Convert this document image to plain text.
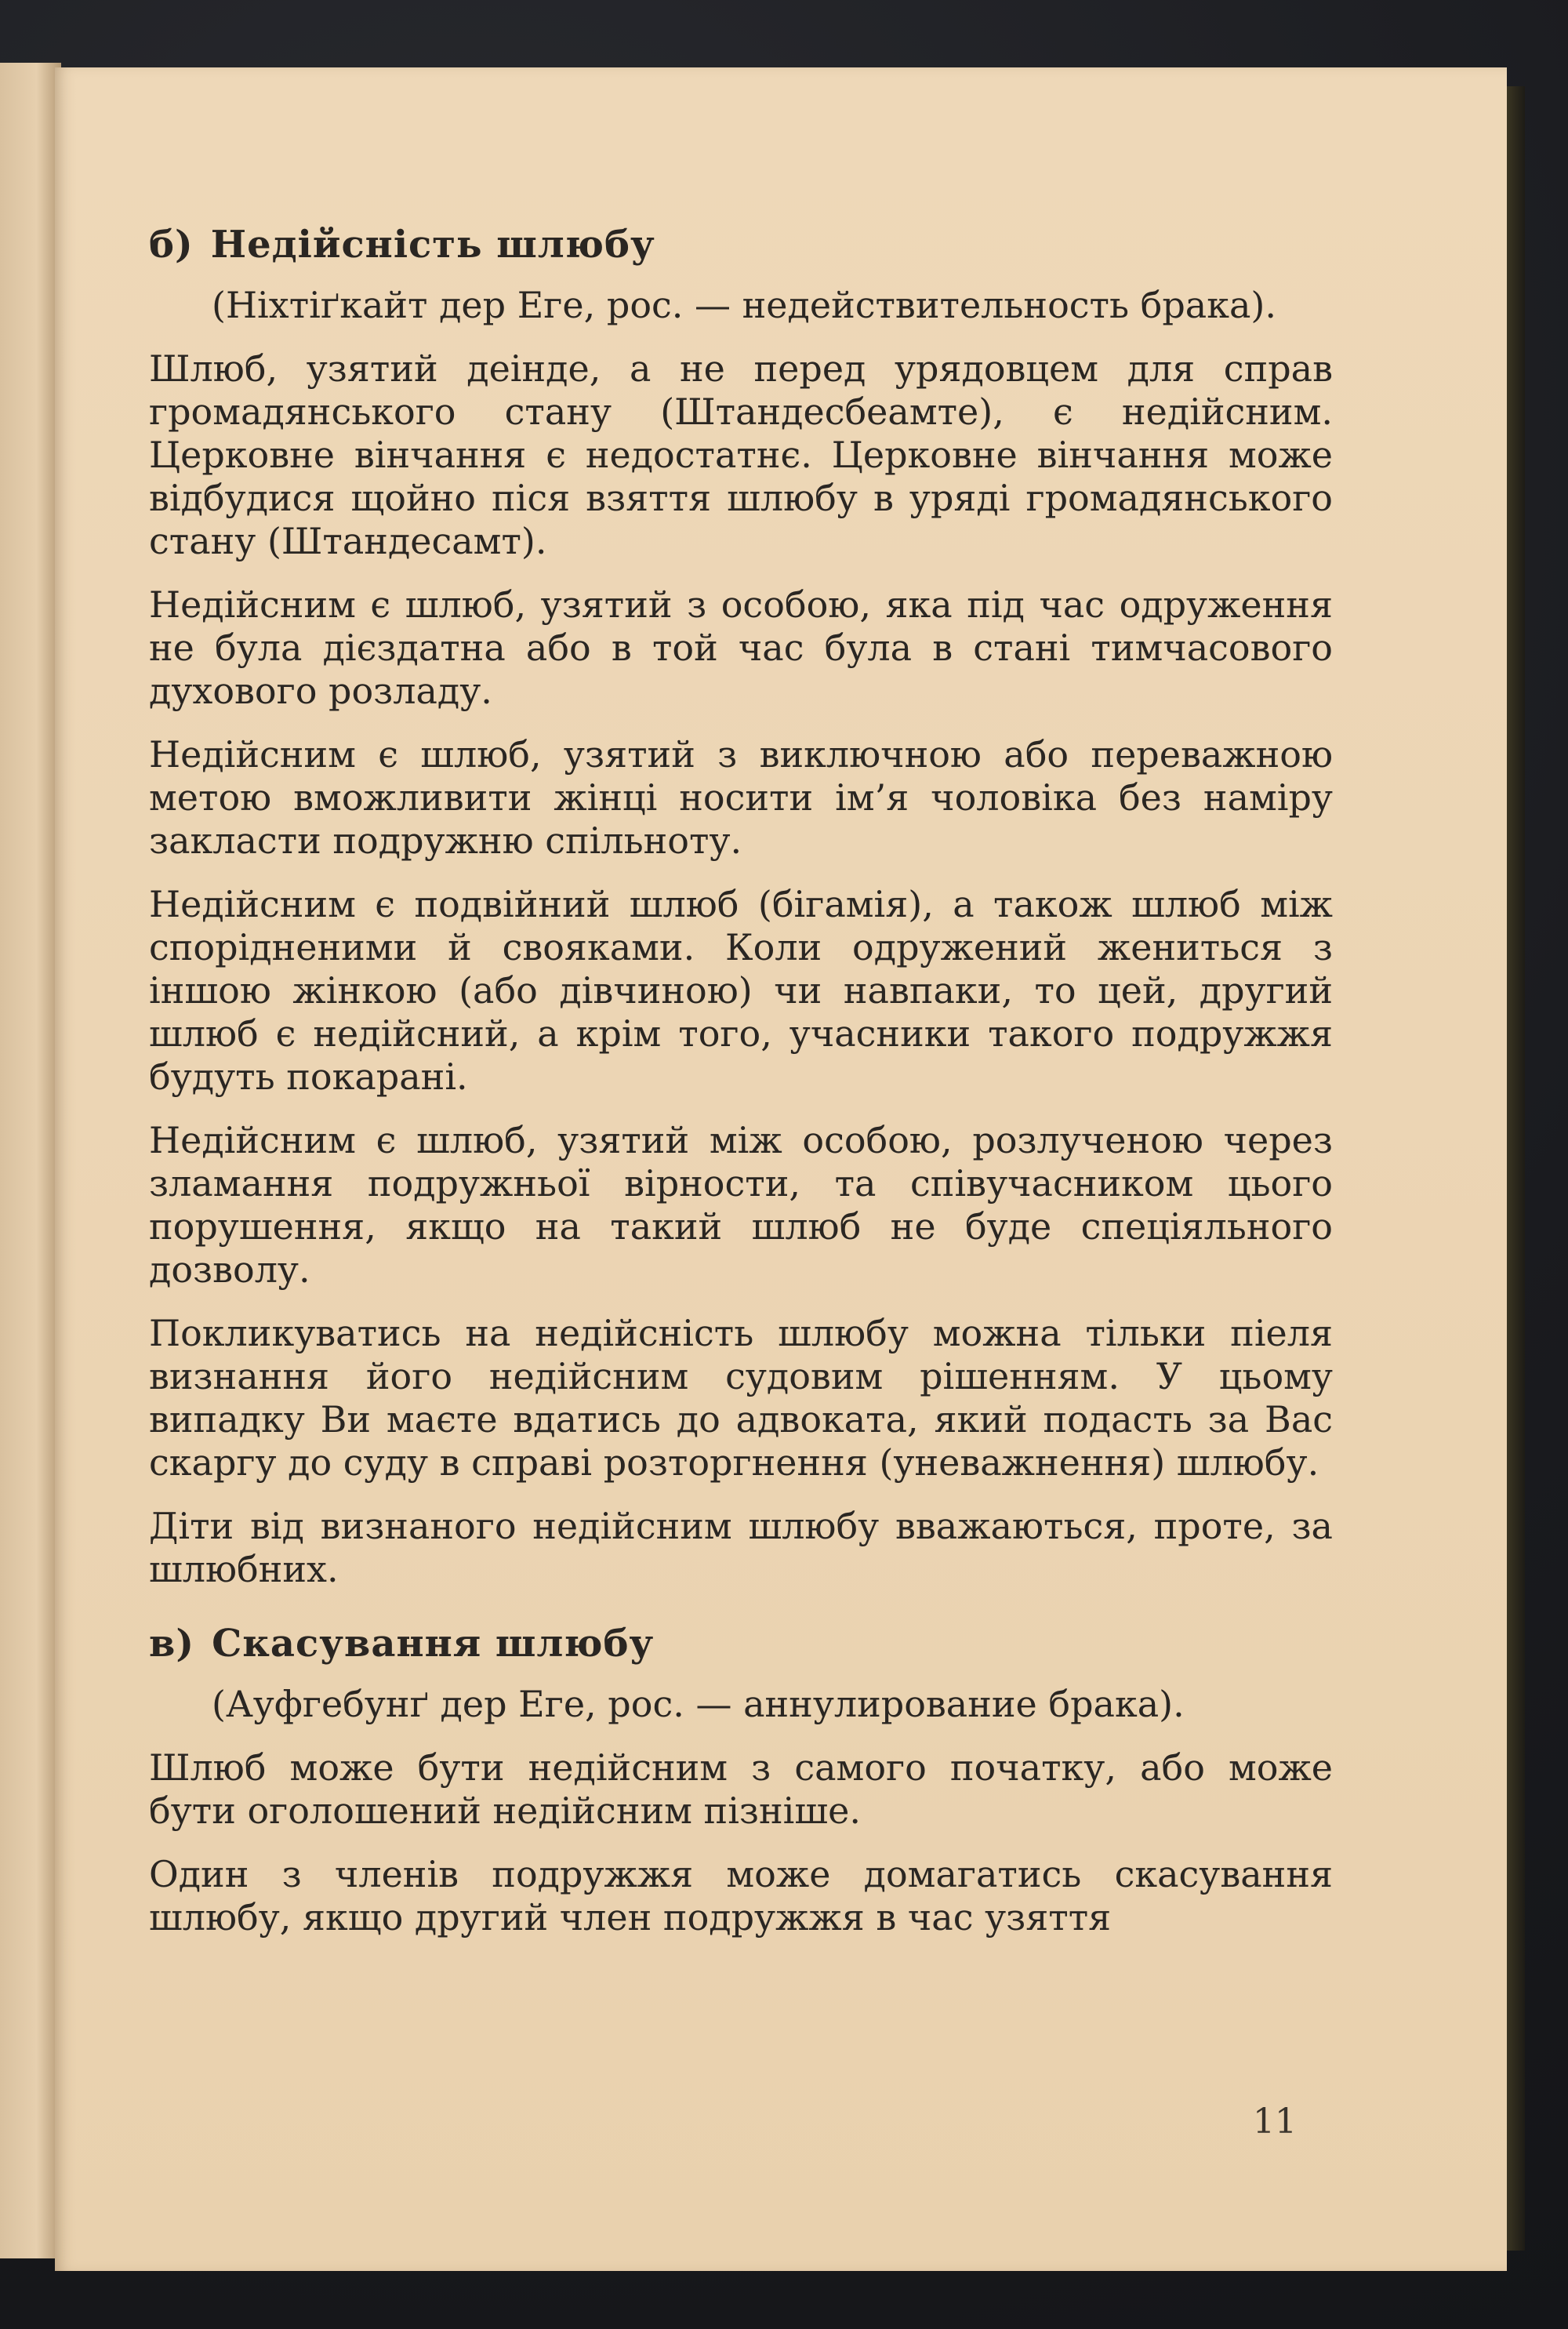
б) Недійсність шлюбу

(Ніхтіґкайт дер Еге, рос. — недействительность брака).

Шлюб, узятий деінде, а не перед урядовцем для справ громадянського стану (Штандесбеамте), є недійсним. Церковне вінчання є недостатнє. Церковне вінчання може відбудися щойно піся взяття шлюбу в уряді громадянського стану (Штандесамт).

Недійсним є шлюб, узятий з особою, яка під час одруження не була дієздатна або в той час була в стані тимчасового духового розладу.

Недійсним є шлюб, узятий з виключною або переважною метою вможливити жінці носити ім’я чоловіка без наміру закласти подружню спільноту.

Недійсним є подвійний шлюб (бігамія), а також шлюб між спорідненими й свояками. Коли одружений жениться з іншою жінкою (або дівчиною) чи навпаки, то цей, другий шлюб є недійсний, а крім того, учасники такого подружжя будуть покарані.

Недійсним є шлюб, узятий між особою, розлученою через зламання подружньої вірности, та співучасником цього порушення, якщо на такий шлюб не буде спеціяльного дозволу.

Покликуватись на недійсність шлюбу можна тільки піеля визнання його недійсним судовим рішенням. У цьому випадку Ви маєте вдатись до адвоката, який подасть за Вас скаргу до суду в справі розторгнення (уневажнення) шлюбу.

Діти від визнаного недійсним шлюбу вважаються, проте, за шлюбних.

в) Скасування шлюбу

(Ауфгебунґ дер Еге, рос. — аннулирование брака).

Шлюб може бути недійсним з самого початку, або може бути оголошений недійсним пізніше.

Один з членів подружжя може домагатись скасування шлюбу, якщо другий член подружжя в час узяття

11
